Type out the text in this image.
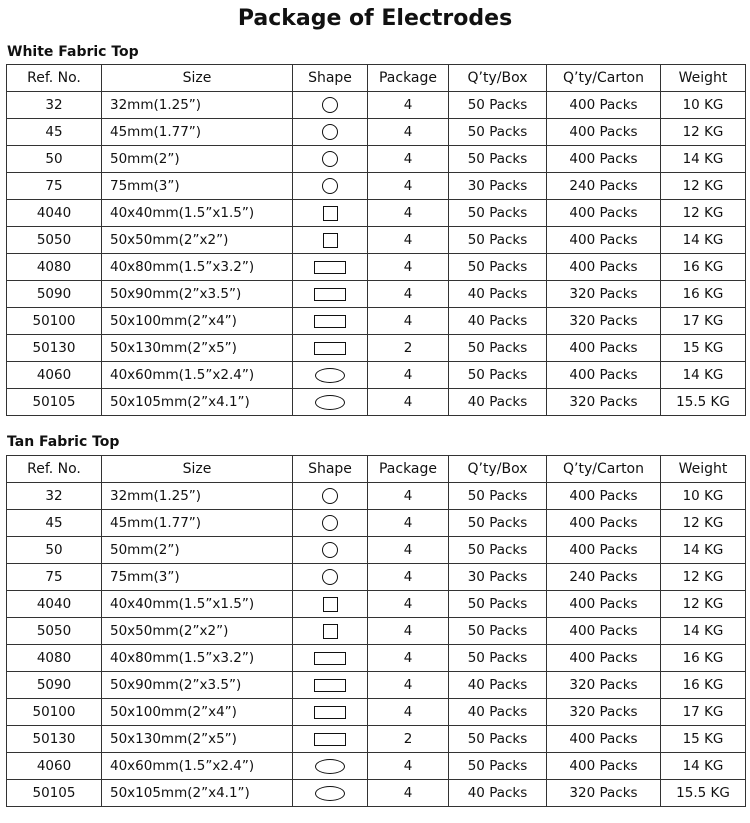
Package of Electrodes
White Fabric Top
Ref. No.	Size	Shape	Package	Q’ty/Box	Q’ty/Carton	Weight
32	32mm(1.25”)		4	50 Packs	400 Packs	10 KG
45	45mm(1.77”)		4	50 Packs	400 Packs	12 KG
50	50mm(2”)		4	50 Packs	400 Packs	14 KG
75	75mm(3”)		4	30 Packs	240 Packs	12 KG
4040	40x40mm(1.5”x1.5”)		4	50 Packs	400 Packs	12 KG
5050	50x50mm(2”x2”)		4	50 Packs	400 Packs	14 KG
4080	40x80mm(1.5”x3.2”)		4	50 Packs	400 Packs	16 KG
5090	50x90mm(2”x3.5”)		4	40 Packs	320 Packs	16 KG
50100	50x100mm(2”x4”)		4	40 Packs	320 Packs	17 KG
50130	50x130mm(2”x5”)		2	50 Packs	400 Packs	15 KG
4060	40x60mm(1.5”x2.4”)		4	50 Packs	400 Packs	14 KG
50105	50x105mm(2”x4.1”)		4	40 Packs	320 Packs	15.5 KG
Tan Fabric Top
Ref. No.	Size	Shape	Package	Q’ty/Box	Q’ty/Carton	Weight
32	32mm(1.25”)		4	50 Packs	400 Packs	10 KG
45	45mm(1.77”)		4	50 Packs	400 Packs	12 KG
50	50mm(2”)		4	50 Packs	400 Packs	14 KG
75	75mm(3”)		4	30 Packs	240 Packs	12 KG
4040	40x40mm(1.5”x1.5”)		4	50 Packs	400 Packs	12 KG
5050	50x50mm(2”x2”)		4	50 Packs	400 Packs	14 KG
4080	40x80mm(1.5”x3.2”)		4	50 Packs	400 Packs	16 KG
5090	50x90mm(2”x3.5”)		4	40 Packs	320 Packs	16 KG
50100	50x100mm(2”x4”)		4	40 Packs	320 Packs	17 KG
50130	50x130mm(2”x5”)		2	50 Packs	400 Packs	15 KG
4060	40x60mm(1.5”x2.4”)		4	50 Packs	400 Packs	14 KG
50105	50x105mm(2”x4.1”)		4	40 Packs	320 Packs	15.5 KG
